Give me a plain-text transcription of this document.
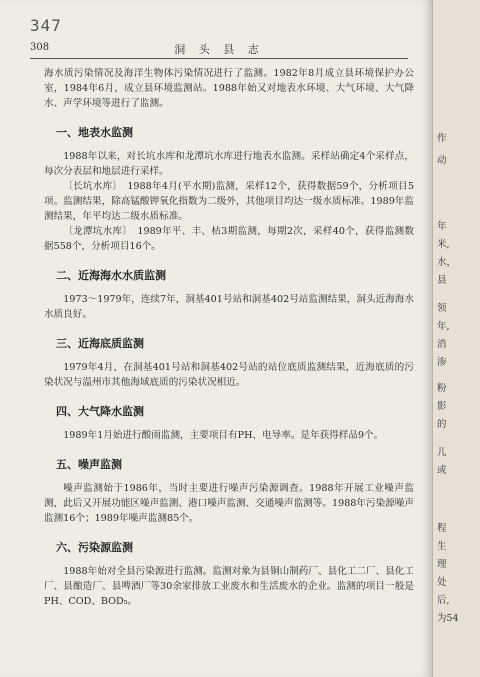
347
308	洞 头 县 志

海水质污染情况及海洋生物体污染情况进行了监测。1982年8月成立县环境保护办公室，1984年6月，成立县环境监测站。1988年始又对地表水环境、大气环境、大气降水、声学环境等进行了监测。

一、地表水监测

1988年以来，对长坑水库和龙潭坑水库进行地表水监测。采样站确定4个采样点，每次分表层和地层进行采样。

〔长坑水库〕　 1988年4月(平水期)监测，采样12个，获得数据59个，分析项目5项。监测结果，除高锰酸钾氧化指数为二级外，其他项目均达一级水质标准。1989年监测结果，年平均达二级水质标准。

〔龙潭坑水库〕　 1989年平、丰、枯3期监测，每期2次，采样40个，获得监测数据558个，分析项目16个。

二、近海海水水质监测

1973～1979年，连续7年，洞基401号站和洞基402号站监测结果，洞头近海海水水质良好。

三、近海底质监测

1979年4月，在洞基401号站和洞基402号站的站位底质监测结果，近海底质的污染状况与温州市其他海域底质的污染状况相近。

四、大气降水监测

1989年1月始进行酸雨监测，主要项目有PH、电导率。是年获得样品9个。

五、噪声监测

噪声监测始于1986年，当时主要进行噪声污染源调查。1988年开展工业噪声监测，此后又开展功能区噪声监测、港口噪声监测、交通噪声监测等。1988年污染源噪声监测16个；1989年噪声监测85个。

六、污染源监测

1988年始对全县污染源进行监测。监测对象为县铜山制药厂、县化工二厂、县化工厂、县酿造厂、县啤酒厂等30余家排放工业废水和生活废水的企业。监测的项目一般是PH、COD、BOD₅。

作
动
年
米,
水，
县
领
年,
消
渗
粉
影
的
儿
或
程
生
理
处
后,
为54
